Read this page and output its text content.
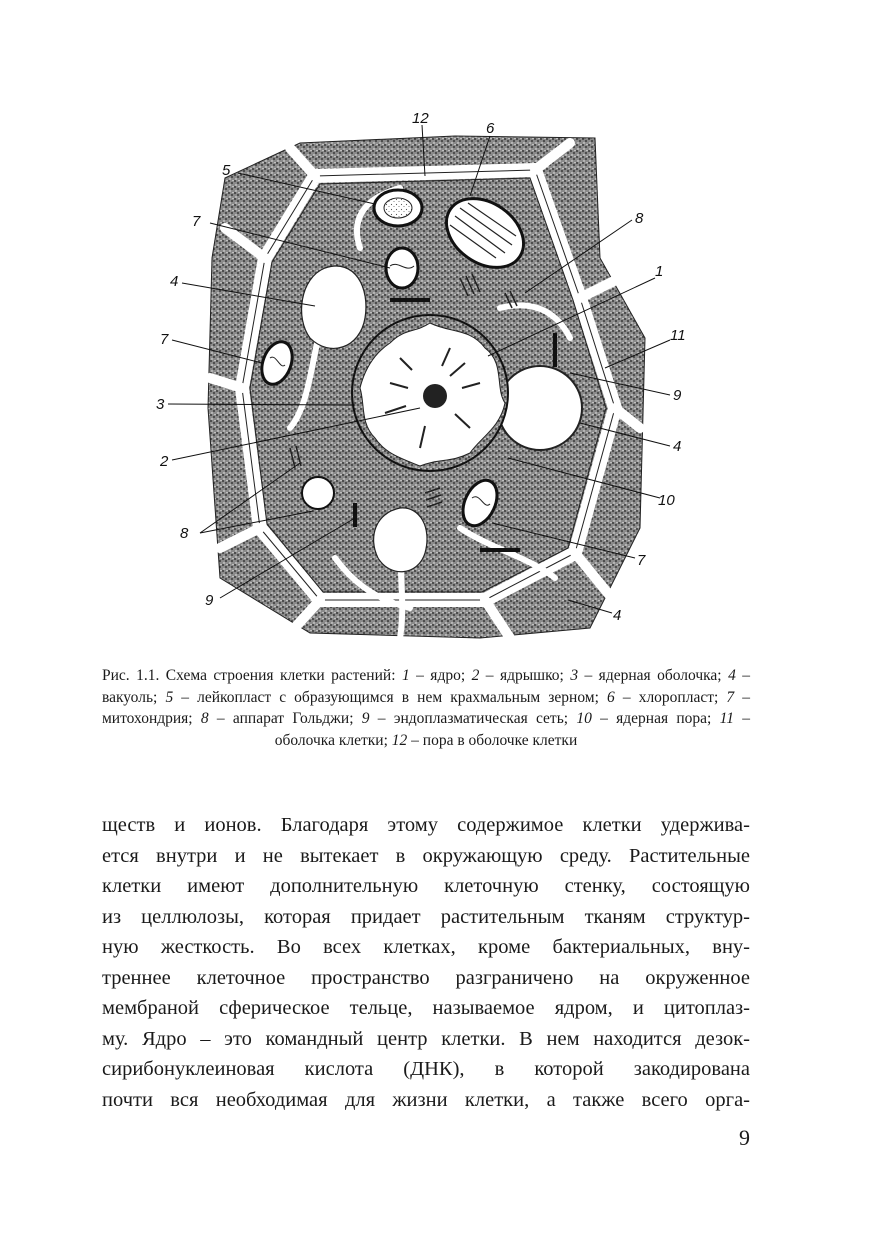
12
6
5
7	8
4
1
7	11
9
3
4
2
10
8
7
9
4
Рис. 1.1. Схема строения клетки растений: 1 – ядро; 2 – ядрышко; 3 – ядерная оболочка; 4 – вакуоль; 5 – лейкопласт с образующимся в нем крахмальным зерном; 6 – хлоропласт; 7 – митохондрия; 8 – аппарат Гольджи; 9 – эндоплазматическая сеть; 10 – ядерная пора; 11 – оболочка клетки; 12 – пора в оболочке клетки

ществ и ионов. Благодаря этому содержимое клетки удержива-
ется внутри и не вытекает в окружающую среду. Растительные
клетки имеют дополнительную клеточную стенку, состоящую
из целлюлозы, которая придает растительным тканям структур-
ную жесткость. Во всех клетках, кроме бактериальных, вну-
треннее клеточное пространство разграничено на окруженное
мембраной сферическое тельце, называемое ядром, и цитоплаз-
му. Ядро – это командный центр клетки. В нем находится дезок-
сирибонуклеиновая кислота (ДНК), в которой закодирована
почти вся необходимая для жизни клетки, а также всего орга-

9
